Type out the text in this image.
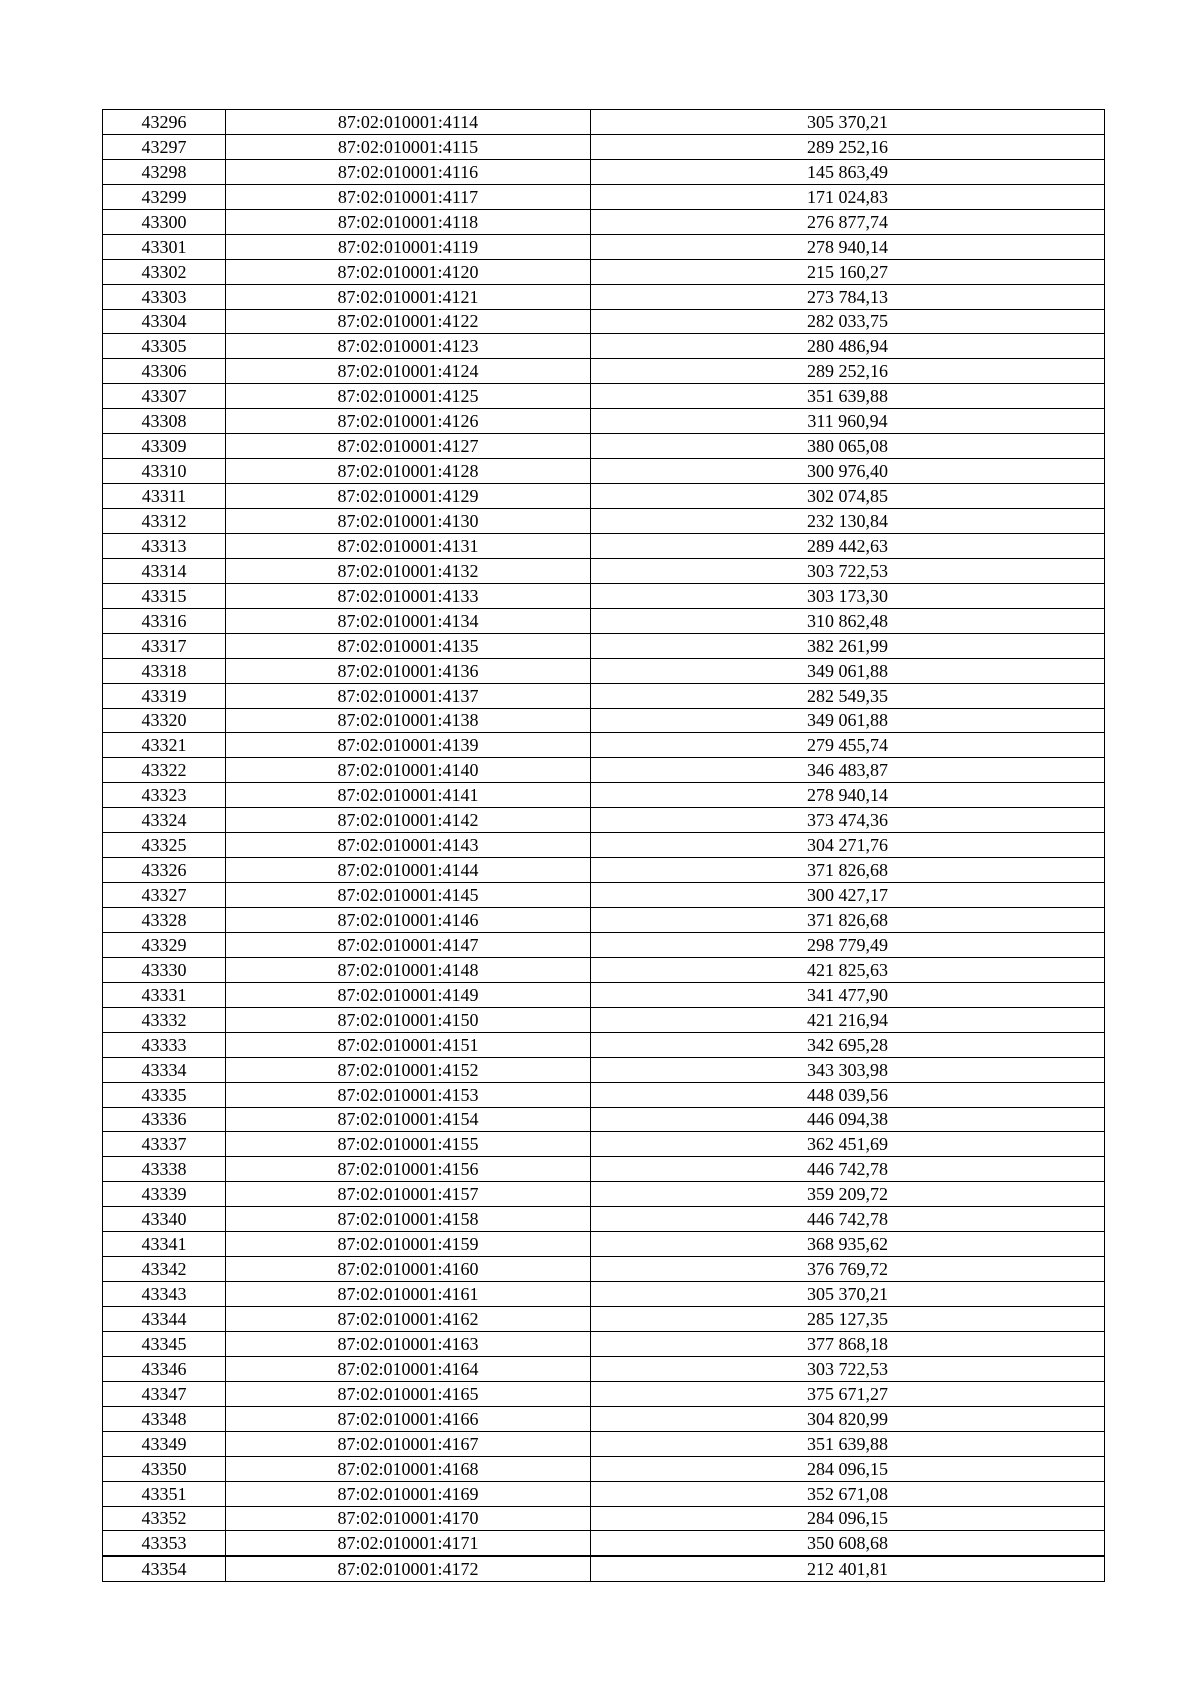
43296	87:02:010001:4114	305 370,21
43297	87:02:010001:4115	289 252,16
43298	87:02:010001:4116	145 863,49
43299	87:02:010001:4117	171 024,83
43300	87:02:010001:4118	276 877,74
43301	87:02:010001:4119	278 940,14
43302	87:02:010001:4120	215 160,27
43303	87:02:010001:4121	273 784,13
43304	87:02:010001:4122	282 033,75
43305	87:02:010001:4123	280 486,94
43306	87:02:010001:4124	289 252,16
43307	87:02:010001:4125	351 639,88
43308	87:02:010001:4126	311 960,94
43309	87:02:010001:4127	380 065,08
43310	87:02:010001:4128	300 976,40
43311	87:02:010001:4129	302 074,85
43312	87:02:010001:4130	232 130,84
43313	87:02:010001:4131	289 442,63
43314	87:02:010001:4132	303 722,53
43315	87:02:010001:4133	303 173,30
43316	87:02:010001:4134	310 862,48
43317	87:02:010001:4135	382 261,99
43318	87:02:010001:4136	349 061,88
43319	87:02:010001:4137	282 549,35
43320	87:02:010001:4138	349 061,88
43321	87:02:010001:4139	279 455,74
43322	87:02:010001:4140	346 483,87
43323	87:02:010001:4141	278 940,14
43324	87:02:010001:4142	373 474,36
43325	87:02:010001:4143	304 271,76
43326	87:02:010001:4144	371 826,68
43327	87:02:010001:4145	300 427,17
43328	87:02:010001:4146	371 826,68
43329	87:02:010001:4147	298 779,49
43330	87:02:010001:4148	421 825,63
43331	87:02:010001:4149	341 477,90
43332	87:02:010001:4150	421 216,94
43333	87:02:010001:4151	342 695,28
43334	87:02:010001:4152	343 303,98
43335	87:02:010001:4153	448 039,56
43336	87:02:010001:4154	446 094,38
43337	87:02:010001:4155	362 451,69
43338	87:02:010001:4156	446 742,78
43339	87:02:010001:4157	359 209,72
43340	87:02:010001:4158	446 742,78
43341	87:02:010001:4159	368 935,62
43342	87:02:010001:4160	376 769,72
43343	87:02:010001:4161	305 370,21
43344	87:02:010001:4162	285 127,35
43345	87:02:010001:4163	377 868,18
43346	87:02:010001:4164	303 722,53
43347	87:02:010001:4165	375 671,27
43348	87:02:010001:4166	304 820,99
43349	87:02:010001:4167	351 639,88
43350	87:02:010001:4168	284 096,15
43351	87:02:010001:4169	352 671,08
43352	87:02:010001:4170	284 096,15
43353	87:02:010001:4171	350 608,68
43354	87:02:010001:4172	212 401,81
